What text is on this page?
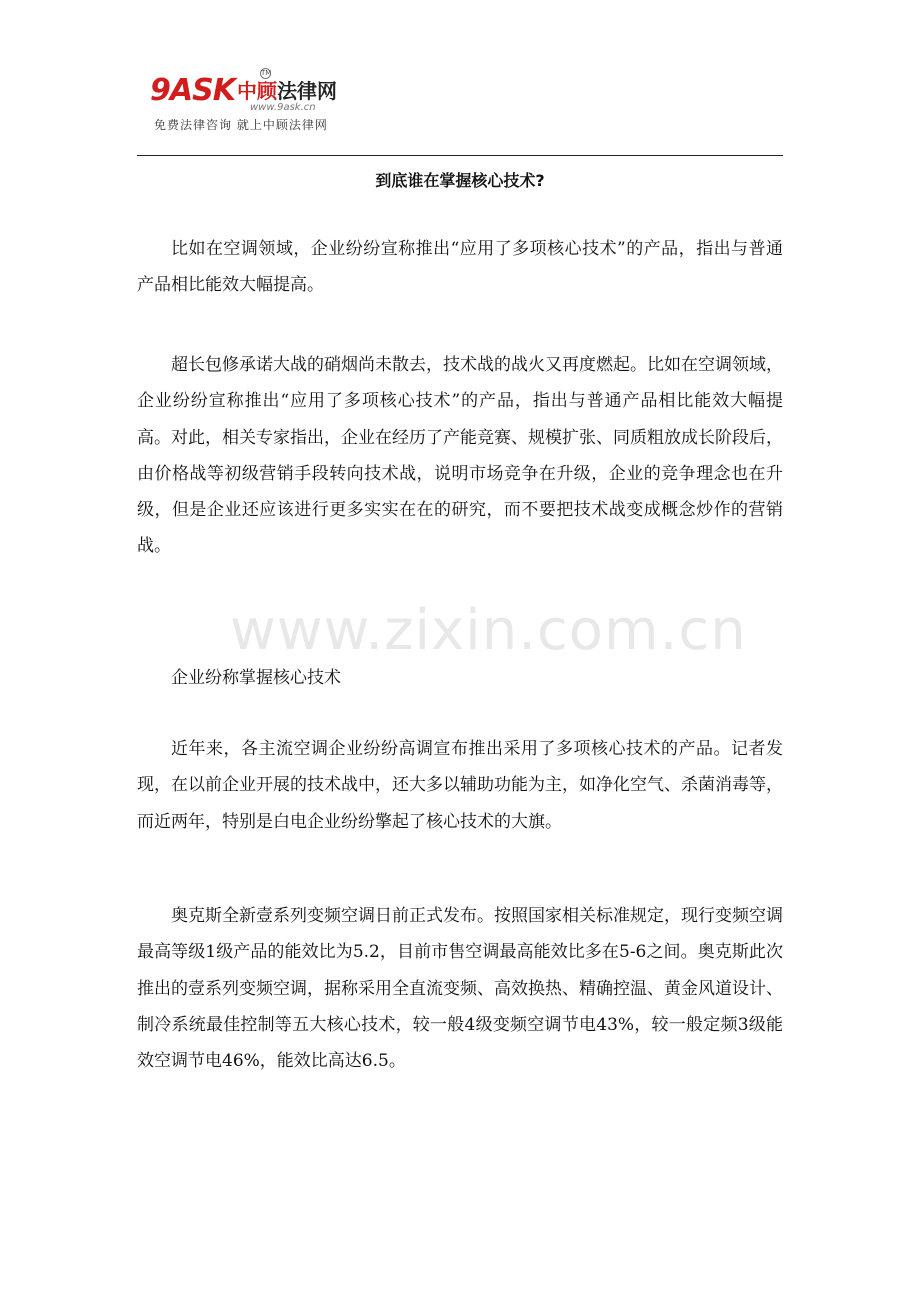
9ASK 中顾法律网
TM
www.9ask.cn
免费法律咨询 就上中顾法律网
到底谁在掌握核心技术?

比如在空调领域，企业纷纷宣称推出“应用了多项核心技术”的产品，指出与普通产品相比能效大幅提高。

超长包修承诺大战的硝烟尚未散去，技术战的战火又再度燃起。比如在空调领域，企业纷纷宣称推出“应用了多项核心技术”的产品，指出与普通产品相比能效大幅提高。对此，相关专家指出，企业在经历了产能竞赛、规模扩张、同质粗放成长阶段后，由价格战等初级营销手段转向技术战，说明市场竞争在升级，企业的竞争理念也在升级，但是企业还应该进行更多实实在在的研究，而不要把技术战变成概念炒作的营销战。

企业纷称掌握核心技术

近年来，各主流空调企业纷纷高调宣布推出采用了多项核心技术的产品。记者发现，在以前企业开展的技术战中，还大多以辅助功能为主，如净化空气、杀菌消毒等，而近两年，特别是白电企业纷纷擎起了核心技术的大旗。

奥克斯全新壹系列变频空调日前正式发布。按照国家相关标准规定，现行变频空调最高等级1级产品的能效比为5.2，目前市售空调最高能效比多在5-6之间。奥克斯此次推出的壹系列变频空调，据称采用全直流变频、高效换热、精确控温、黄金风道设计、制冷系统最佳控制等五大核心技术，较一般4级变频空调节电43%，较一般定频3级能效空调节电46%，能效比高达6.5。

www.zixin.com.cn
